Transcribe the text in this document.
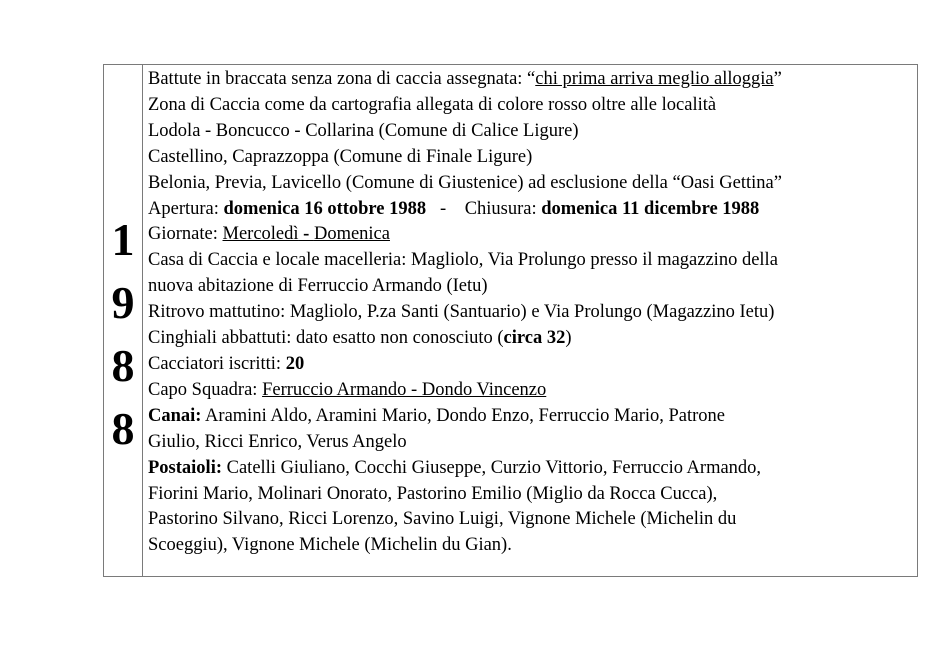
1
9
8
8
Battute in braccata senza zona di caccia assegnata: “chi prima arriva meglio alloggia”
Zona di Caccia come da cartografia allegata di colore rosso oltre alle località
Lodola - Boncucco - Collarina (Comune di Calice Ligure)
Castellino, Caprazzoppa (Comune di Finale Ligure)
Belonia, Previa, Lavicello (Comune di Giustenice) ad esclusione della “Oasi Gettina”
Apertura: domenica 16 ottobre 1988   -    Chiusura: domenica 11 dicembre 1988
Giornate: Mercoledì - Domenica
Casa di Caccia e locale macelleria: Magliolo, Via Prolungo presso il magazzino della
nuova abitazione di Ferruccio Armando (Ietu)
Ritrovo mattutino: Magliolo, P.za Santi (Santuario) e Via Prolungo (Magazzino Ietu)
Cinghiali abbattuti: dato esatto non conosciuto (circa 32)
Cacciatori iscritti: 20
Capo Squadra: Ferruccio Armando - Dondo Vincenzo
Canai: Aramini Aldo, Aramini Mario, Dondo Enzo, Ferruccio Mario, Patrone
Giulio, Ricci Enrico, Verus Angelo
Postaioli: Catelli Giuliano, Cocchi Giuseppe, Curzio Vittorio, Ferruccio Armando,
Fiorini Mario, Molinari Onorato, Pastorino Emilio (Miglio da Rocca Cucca),
Pastorino Silvano, Ricci Lorenzo, Savino Luigi, Vignone Michele (Michelin du
Scoeggiu), Vignone Michele (Michelin du Gian).
